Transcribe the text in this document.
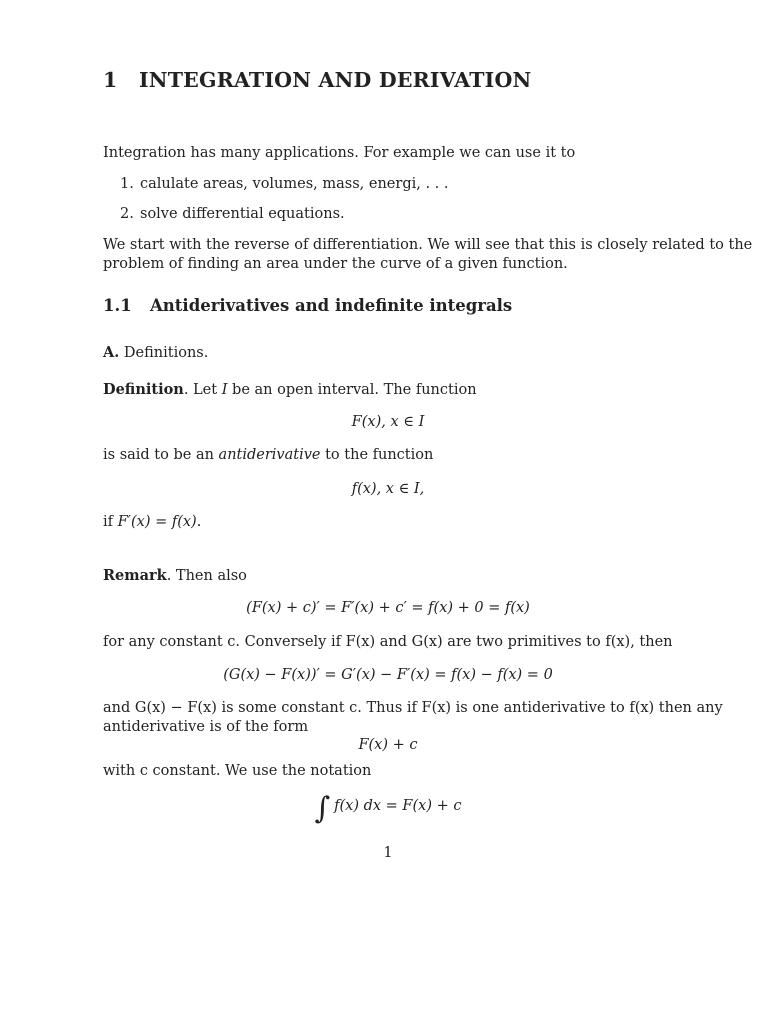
1 INTEGRATION AND DERIVATION
Integration has many applications. For example we can use it to
1. calulate areas, volumes, mass, energi, . . .
2. solve differential equations.
We start with the reverse of differentiation. We will see that this is closely related to the
problem of finding an area under the curve of a given function.
1.1 Antiderivatives and indefinite integrals
A. Definitions.
Definition. Let I be an open interval. The function
F(x), x ∈ I
is said to be an antiderivative to the function
f(x), x ∈ I,
if F′(x) = f(x).
Remark. Then also
(F(x) + c)′ = F′(x) + c′ = f(x) + 0 = f(x)
for any constant c. Conversely if F(x) and G(x) are two primitives to f(x), then
(G(x) − F(x))′ = G′(x) − F′(x) = f(x) − f(x) = 0
and G(x) − F(x) is some constant c. Thus if F(x) is one antiderivative to f(x) then any
antiderivative is of the form
F(x) + c
with c constant. We use the notation
∫ f(x) dx = F(x) + c
1
